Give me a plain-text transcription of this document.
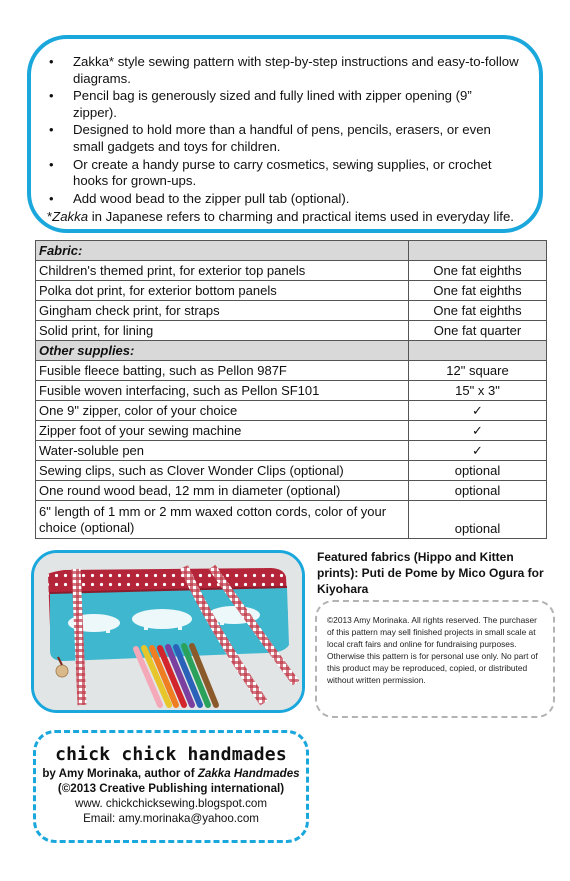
• Zakka* style sewing pattern with step-by-step instructions and easy-to-follow diagrams.
• Pencil bag is generously sized and fully lined with zipper opening (9” zipper).
• Designed to hold more than a handful of pens, pencils, erasers, or even small gadgets and toys for children.
• Or create a handy purse to carry cosmetics, sewing supplies, or crochet hooks for grown-ups.
• Add wood bead to the zipper pull tab (optional).
*Zakka in Japanese refers to charming and practical items used in everyday life.
Fabric:	
Children's themed print, for exterior top panels	One fat eighths
Polka dot print, for exterior bottom panels	One fat eighths
Gingham check print, for straps	One fat eighths
Solid print, for lining	One fat quarter
Other supplies:	
Fusible fleece batting, such as Pellon 987F	12" square
Fusible woven interfacing, such as Pellon SF101	15" x 3"
One 9" zipper, color of your choice	✓
Zipper foot of your sewing machine	✓
Water-soluble pen	✓
Sewing clips, such as Clover Wonder Clips (optional)	optional
One round wood bead, 12 mm in diameter (optional)	optional
6" length of 1 mm or 2 mm waxed cotton cords, color of your choice (optional)	optional
Featured fabrics (Hippo and Kitten prints): Puti de Pome by Mico Ogura for Kiyohara
©2013 Amy Morinaka. All rights reserved. The purchaser of this pattern may sell finished projects in small scale at local craft fairs and online for fundraising purposes. Otherwise this pattern is for personal use only. No part of this product may be reproduced, copied, or distributed without written permission.
chick chick handmades
by Amy Morinaka, author of Zakka Handmades
(©2013 Creative Publishing international)
www. chickchicksewing.blogspot.com
Email: amy.morinaka@yahoo.com
